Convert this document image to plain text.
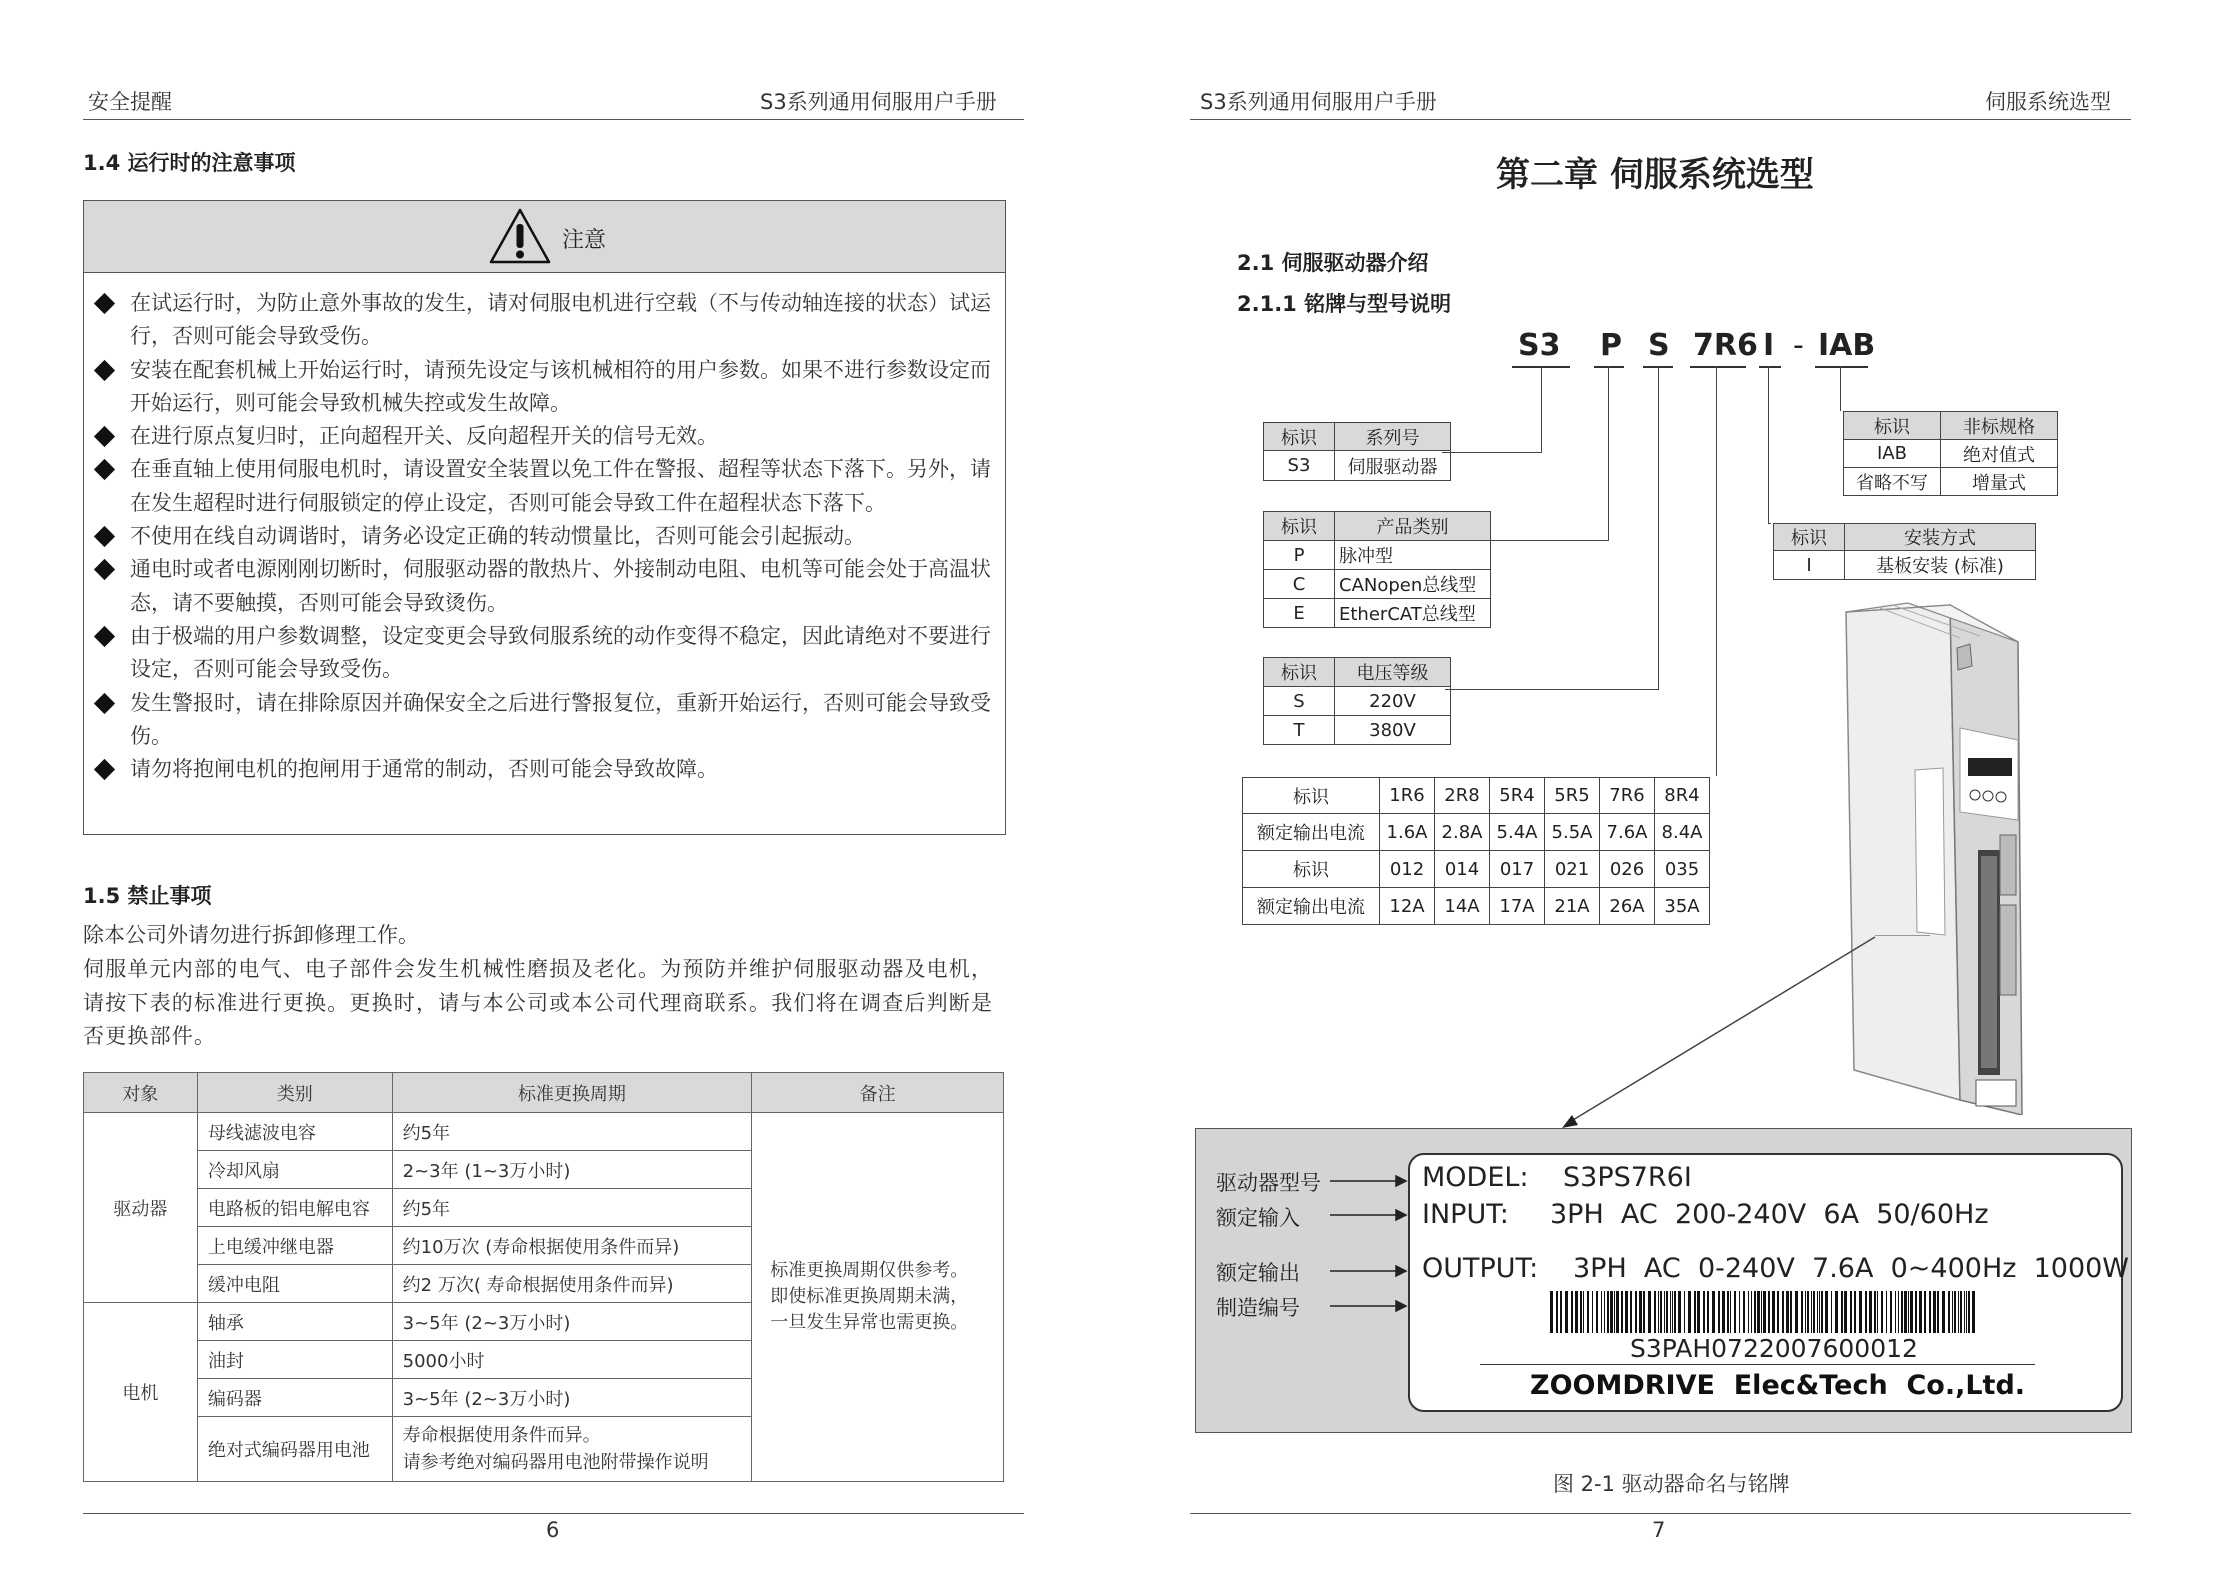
安全提醒	S3系列通用伺服用户手册
1.4 运行时的注意事项
注意
在试运行时，为防止意外事故的发生，请对伺服电机进行空载（不与传动轴连接的状态）试运行，否则可能会导致受伤。
安装在配套机械上开始运行时，请预先设定与该机械相符的用户参数。如果不进行参数设定而开始运行，则可能会导致机械失控或发生故障。
在进行原点复归时，正向超程开关、反向超程开关的信号无效。
在垂直轴上使用伺服电机时，请设置安全装置以免工件在警报、超程等状态下落下。另外，请在发生超程时进行伺服锁定的停止设定，否则可能会导致工件在超程状态下落下。
不使用在线自动调谐时，请务必设定正确的转动惯量比，否则可能会引起振动。
通电时或者电源刚刚切断时，伺服驱动器的散热片、外接制动电阻、电机等可能会处于高温状态，请不要触摸，否则可能会导致烫伤。
由于极端的用户参数调整，设定变更会导致伺服系统的动作变得不稳定，因此请绝对不要进行设定，否则可能会导致受伤。
发生警报时，请在排除原因并确保安全之后进行警报复位，重新开始运行，否则可能会导致受伤。
请勿将抱闸电机的抱闸用于通常的制动，否则可能会导致故障。
1.5 禁止事项
除本公司外请勿进行拆卸修理工作。
伺服单元内部的电气、电子部件会发生机械性磨损及老化。为预防并维护伺服驱动器及电机，请按下表的标准进行更换。更换时，请与本公司或本公司代理商联系。我们将在调查后判断是否更换部件。
对象	类别	标准更换周期	备注
驱动器	母线滤波电容	约5年	标准更换周期仅供参考。
即使标准更换周期未满，
一旦发生异常也需更换。

	冷却风扇	2~3年 (1~3万小时)	
	电路板的铝电解电容	约5年	
	上电缓冲继电器	约10万次 (寿命根据使用条件而异)	
	缓冲电阻	约2 万次( 寿命根据使用条件而异)	
电机	轴承	3~5年 (2~3万小时)	
	油封	5000小时	
	编码器	3~5年 (2~3万小时)	
	绝对式编码器用电池	寿命根据使用条件而异。
请参考绝对编码器用电池附带操作说明	
6
S3系列通用伺服用户手册	伺服系统选型
第二章 伺服系统选型
2.1 伺服驱动器介绍
2.1.1 铭牌与型号说明
S3 P S 7R6 I - IAB
标识	系列号
S3	伺服驱动器
标识	产品类别
P	脉冲型
C	CANopen总线型
E	EtherCAT总线型
标识	电压等级
S	220V
T	380V
标识	1R6	2R8	5R4	5R5	7R6	8R4
额定输出电流	1.6A	2.8A	5.4A	5.5A	7.6A	8.4A
标识	012	014	017	021	026	035
额定输出电流	12A	14A	17A	21A	26A	35A
标识	非标规格
IAB	绝对值式
省略不写	增量式
标识	安装方式
I	基板安装 (标准)
驱动器型号
额定输入
额定输出
制造编号
MODEL: S3PS7R6I
INPUT: 3PH  AC  200-240V  6A  50/60Hz
OUTPUT: 3PH  AC  0-240V  7.6A  0~400Hz  1000W
S3PAH0722007600012
ZOOMDRIVE  Elec&Tech  Co.,Ltd.
图 2-1 驱动器命名与铭牌
7
